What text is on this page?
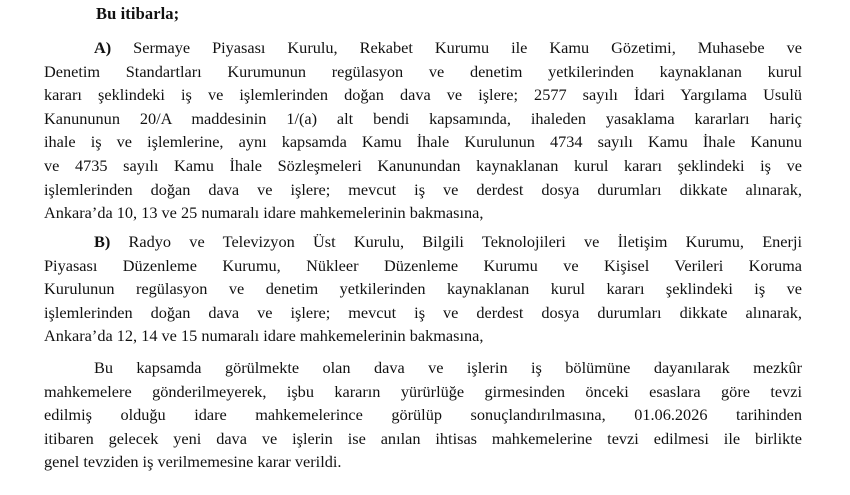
Bu itibarla;
A) Sermaye Piyasası Kurulu, Rekabet Kurumu ile Kamu Gözetimi, Muhasebe ve
Denetim Standartları Kurumunun regülasyon ve denetim yetkilerinden kaynaklanan kurul
kararı şeklindeki iş ve işlemlerinden doğan dava ve işlere; 2577 sayılı İdari Yargılama Usulü
Kanununun 20/A maddesinin 1/(a) alt bendi kapsamında, ihaleden yasaklama kararları hariç
ihale iş ve işlemlerine, aynı kapsamda Kamu İhale Kurulunun 4734 sayılı Kamu İhale Kanunu
ve 4735 sayılı Kamu İhale Sözleşmeleri Kanunundan kaynaklanan kurul kararı şeklindeki iş ve
işlemlerinden doğan dava ve işlere; mevcut iş ve derdest dosya durumları dikkate alınarak,
Ankara’da 10, 13 ve 25 numaralı idare mahkemelerinin bakmasına,
B) Radyo ve Televizyon Üst Kurulu, Bilgili Teknolojileri ve İletişim Kurumu, Enerji
Piyasası Düzenleme Kurumu, Nükleer Düzenleme Kurumu ve Kişisel Verileri Koruma
Kurulunun regülasyon ve denetim yetkilerinden kaynaklanan kurul kararı şeklindeki iş ve
işlemlerinden doğan dava ve işlere; mevcut iş ve derdest dosya durumları dikkate alınarak,
Ankara’da 12, 14 ve 15 numaralı idare mahkemelerinin bakmasına,
Bu kapsamda görülmekte olan dava ve işlerin iş bölümüne dayanılarak mezkûr
mahkemelere gönderilmeyerek, işbu kararın yürürlüğe girmesinden önceki esaslara göre tevzi
edilmiş olduğu idare mahkemelerince görülüp sonuçlandırılmasına, 01.06.2026 tarihinden
itibaren gelecek yeni dava ve işlerin ise anılan ihtisas mahkemelerine tevzi edilmesi ile birlikte
genel tevziden iş verilmemesine karar verildi.
